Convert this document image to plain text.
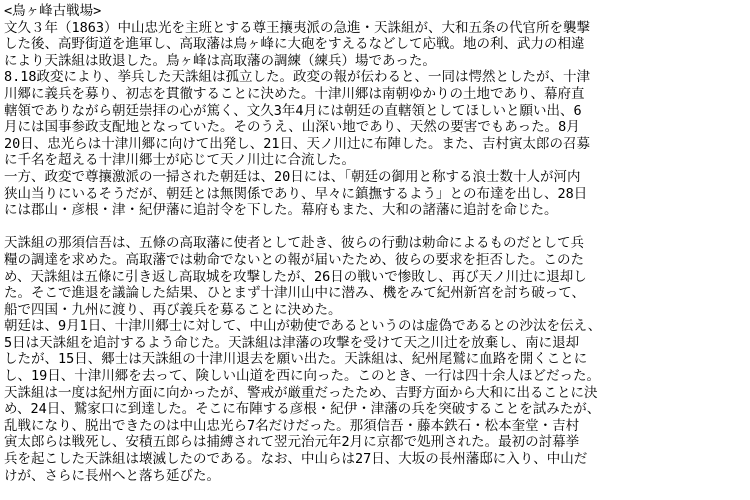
<鳥ヶ峰古戦場>
文久３年（1863）中山忠光を主班とする尊王攘夷派の急進・天誅組が、大和五条の代官所を襲撃
した後、高野街道を進軍し、高取藩は鳥ヶ峰に大砲をすえるなどして応戦。地の利、武力の相違
により天誅組は敗退した。鳥ヶ峰は高取藩の調練（練兵）場であった。
8.18政変により、挙兵した天誅組は孤立した。政変の報が伝わると、一同は愕然としたが、十津
川郷に義兵を募り、初志を貫徹することに決めた。十津川郷は南朝ゆかりの土地であり、幕府直
轄領でありながら朝廷崇拝の心が篤く、文久3年4月には朝廷の直轄領としてほしいと願い出、6
月には国事参政支配地となっていた。そのうえ、山深い地であり、天然の要害でもあった。8月
20日、忠光らは十津川郷に向けて出発し、21日、天ノ川辻に布陣した。また、吉村寅太郎の召募
に千名を超える十津川郷士が応じて天ノ川辻に合流した。
一方、政変で尊攘激派の一掃された朝廷は、20日には、「朝廷の御用と称する浪士数十人が河内
狭山当りにいるそうだが、朝廷とは無関係であり、早々に鎮撫するよう」との布達を出し、28日
には郡山・彦根・津・紀伊藩に追討令を下した。幕府もまた、大和の諸藩に追討を命じた。
天誅組の那須信吾は、五條の高取藩に使者として赴き、彼らの行動は勅命によるものだとして兵
糧の調達を求めた。高取藩では勅命でないとの報が届いたため、彼らの要求を拒否した。このた
め、天誅組は五條に引き返し高取城を攻撃したが、26日の戦いで惨敗し、再び天ノ川辻に退却し
た。そこで進退を議論した結果、ひとまず十津川山中に潜み、機をみて紀州新宮を討ち破って、
船で四国・九州に渡り、再び義兵を募ることに決めた。
朝廷は、9月1日、十津川郷士に対して、中山が勅使であるというのは虚偽であるとの沙汰を伝え、
5日は天誅組を追討するよう命じた。天誅組は津藩の攻撃を受けて天之川辻を放棄し、南に退却
したが、15日、郷士は天誅組の十津川退去を願い出た。天誅組は、紀州尾鷲に血路を開くことに
し、19日、十津川郷を去って、険しい山道を西に向った。このとき、一行は四十余人ほどだった。
天誅組は一度は紀州方面に向かったが、警戒が厳重だったため、吉野方面から大和に出ることに決
め、24日、鷲家口に到達した。そこに布陣する彦根・紀伊・津藩の兵を突破することを試みたが、
乱戦になり、脱出できたのは中山忠光ら7名だけだった。那須信吾・藤本鉄石・松本奎堂・吉村
寅太郎らは戦死し、安積五郎らは捕縛されて翌元治元年2月に京都で処刑された。最初の討幕挙
兵を起こした天誅組は壊滅したのである。なお、中山らは27日、大坂の長州藩邸に入り、中山だ
けが、さらに長州へと落ち延びた。
